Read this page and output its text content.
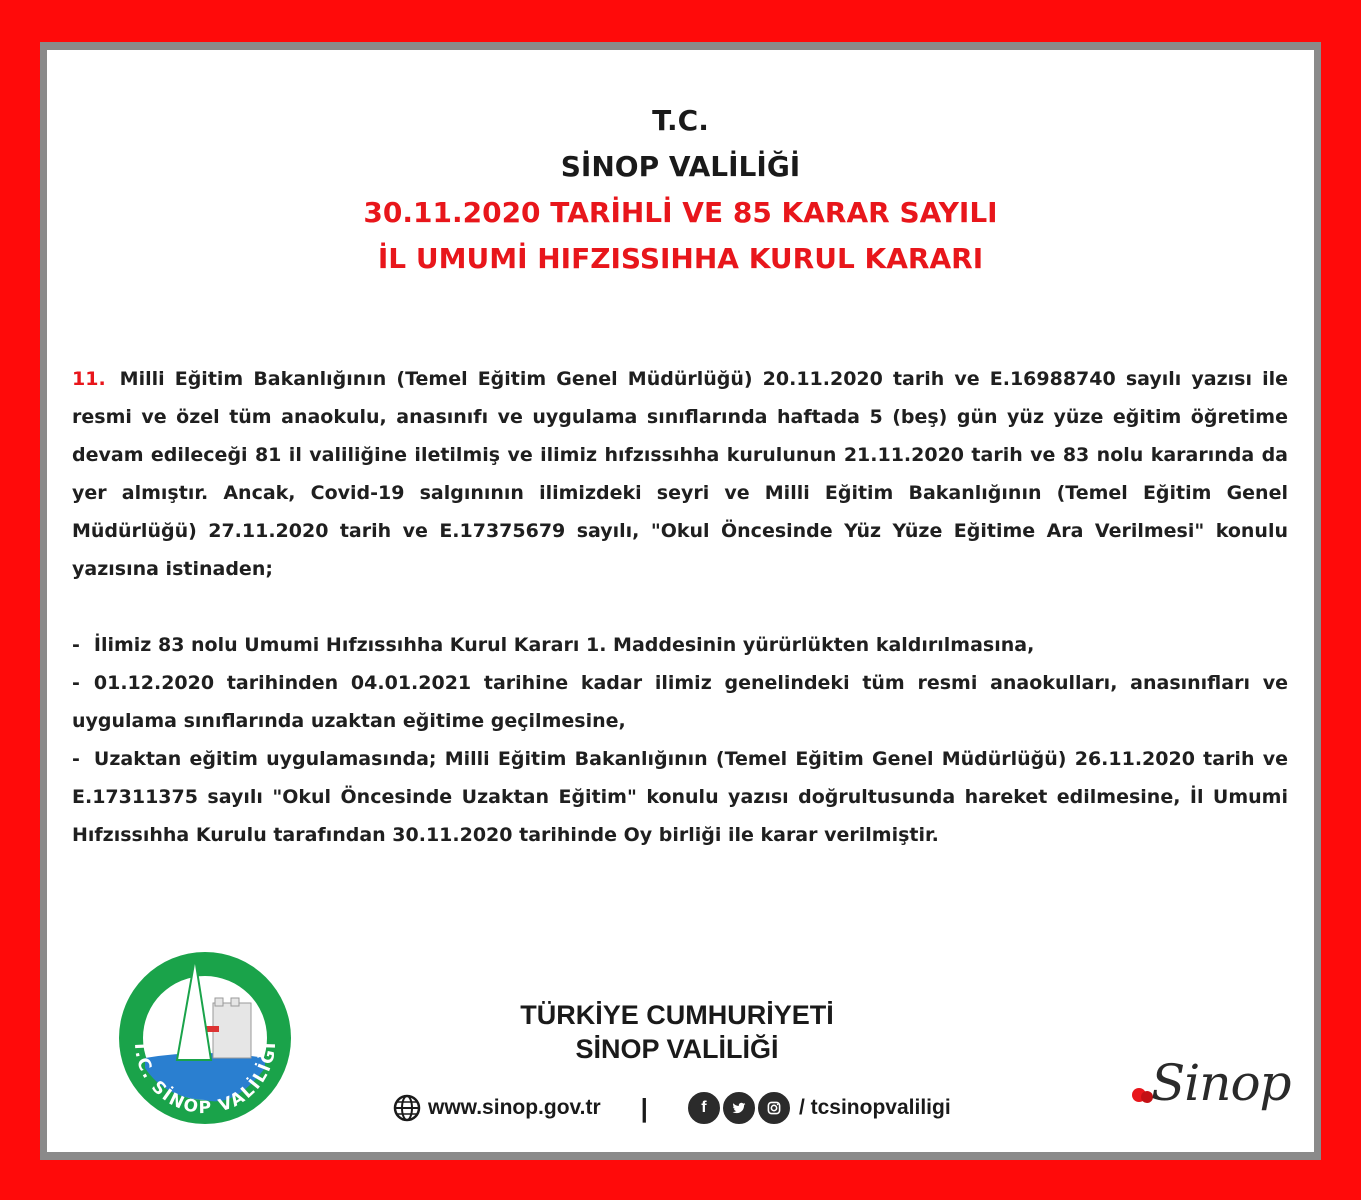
T.C.
SİNOP VALİLİĞİ
30.11.2020 TARİHLİ VE 85 KARAR SAYILI
İL UMUMİ HIFZISSIHHA KURUL KARARI

11. Milli Eğitim Bakanlığının (Temel Eğitim Genel Müdürlüğü) 20.11.2020 tarih ve E.16988740 sayılı yazısı ile resmi ve özel tüm anaokulu, anasınıfı ve uygulama sınıflarında haftada 5 (beş) gün yüz yüze eğitim öğretime devam edileceği 81 il valiliğine iletilmiş ve ilimiz hıfzıssıhha kurulunun 21.11.2020 tarih ve 83 nolu kararında da yer almıştır. Ancak, Covid-19 salgınının ilimizdeki seyri ve Milli Eğitim Bakanlığının (Temel Eğitim Genel Müdürlüğü) 27.11.2020 tarih ve E.17375679 sayılı, "Okul Öncesinde Yüz Yüze Eğitime Ara Verilmesi" konulu yazısına istinaden;

- İlimiz 83 nolu Umumi Hıfzıssıhha Kurul Kararı 1. Maddesinin yürürlükten kaldırılmasına,

- 01.12.2020 tarihinden 04.01.2021 tarihine kadar ilimiz genelindeki tüm resmi anaokulları, anasınıfları ve uygulama sınıflarında uzaktan eğitime geçilmesine,

- Uzaktan eğitim uygulamasında; Milli Eğitim Bakanlığının (Temel Eğitim Genel Müdürlüğü) 26.11.2020 tarih ve E.17311375 sayılı "Okul Öncesinde Uzaktan Eğitim" konulu yazısı doğrultusunda hareket edilmesine, İl Umumi Hıfzıssıhha Kurulu tarafından 30.11.2020 tarihinde Oy birliği ile karar verilmiştir.

T.C. SİNOP VALİLİĞİ
TÜRKİYE CUMHURİYETİ
SİNOP VALİLİĞİ
www.sinop.gov.tr |	f	/ tcsinopvaliligi	Sinop
